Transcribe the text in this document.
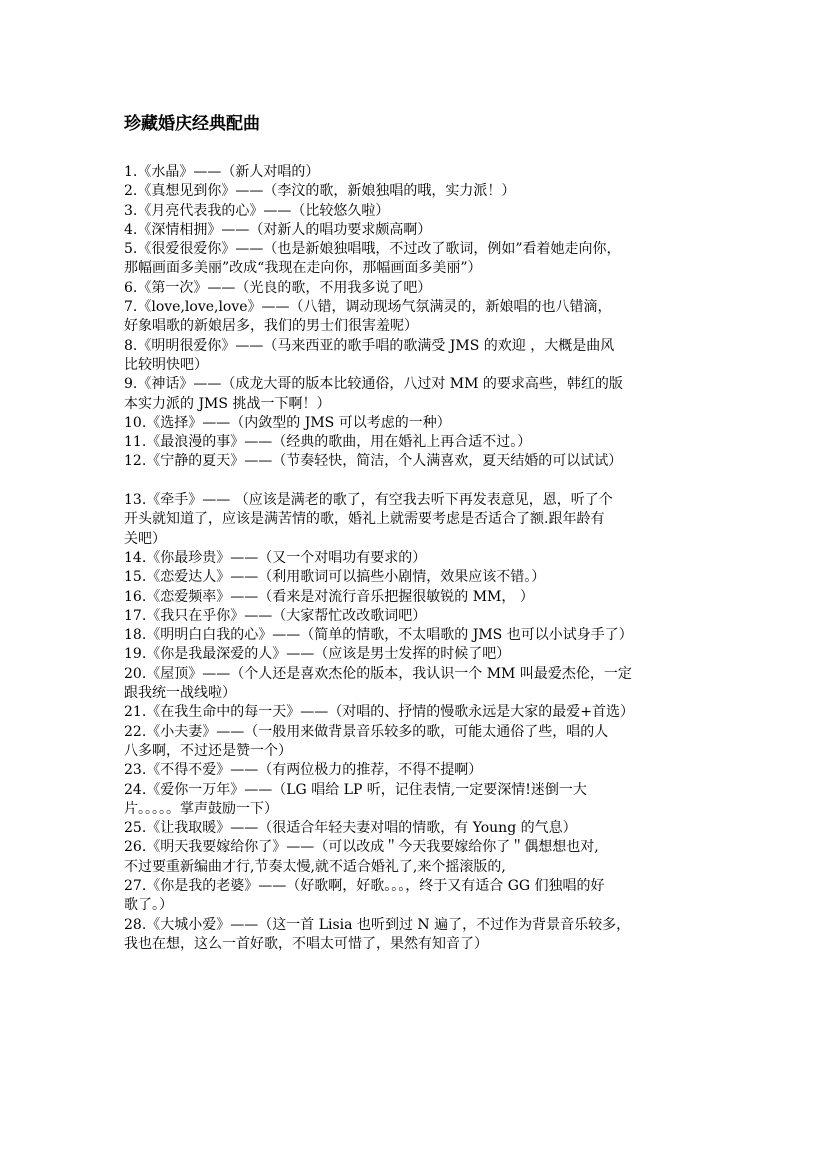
珍藏婚庆经典配曲
1.《水晶》——（新人对唱的）
2.《真想见到你》——（李汶的歌，新娘独唱的哦，实力派！）
3.《月亮代表我的心》——（比较悠久啦）
4.《深情相拥》——（对新人的唱功要求颇高啊）
5.《很爱很爱你》——（也是新娘独唱哦，不过改了歌词，例如”看着她走向你，
那幅画面多美丽”改成“我现在走向你，那幅画面多美丽”）
6.《第一次》——（光良的歌，不用我多说了吧）
7.《love,love,love》——（八错，调动现场气氛满灵的，新娘唱的也八错滴，
好象唱歌的新娘居多，我们的男士们很害羞呢）
8.《明明很爱你》——（马来西亚的歌手唱的歌满受 JMS 的欢迎 ，大概是曲风
比较明快吧）
9.《神话》——（成龙大哥的版本比较通俗，八过对 MM 的要求高些，韩红的版
本实力派的 JMS 挑战一下啊！）
10.《选择》——（内敛型的 JMS 可以考虑的一种）
11.《最浪漫的事》——（经典的歌曲，用在婚礼上再合适不过。）
12.《宁静的夏天》——（节奏轻快，简洁，个人满喜欢，夏天结婚的可以试试）
13.《牵手》—— （应该是满老的歌了，有空我去听下再发表意见，恩，听了个
开头就知道了，应该是满苦情的歌，婚礼上就需要考虑是否适合了额.跟年龄有
关吧）
14.《你最珍贵》——（又一个对唱功有要求的）
15.《恋爱达人》——（利用歌词可以搞些小剧情，效果应该不错。）
16.《恋爱频率》——（看来是对流行音乐把握很敏锐的 MM， ）
17.《我只在乎你》——（大家帮忙改改歌词吧）
18.《明明白白我的心》——（简单的情歌，不太唱歌的 JMS 也可以小试身手了）
19.《你是我最深爱的人》——（应该是男士发挥的时候了吧）
20.《屋顶》——（个人还是喜欢杰伦的版本，我认识一个 MM 叫最爱杰伦，一定
跟我统一战线啦）
21.《在我生命中的每一天》——（对唱的、抒情的慢歌永远是大家的最爱+首选）
22.《小夫妻》——（一般用来做背景音乐较多的歌，可能太通俗了些，唱的人
八多啊，不过还是赞一个）
23.《不得不爱》——（有两位极力的推荐，不得不提啊）
24.《爱你一万年》——（LG 唱给 LP 听，记住表情,一定要深情!迷倒一大
片。。。。。掌声鼓励一下）
25.《让我取暖》——（很适合年轻夫妻对唱的情歌，有 Young 的气息）
26.《明天我要嫁给你了》——（可以改成＂今天我要嫁给你了＂偶想想也对,
不过要重新编曲才行,节奏太慢,就不适合婚礼了,来个摇滚版的,
27.《你是我的老婆》——（好歌啊，好歌。。。，终于又有适合 GG 们独唱的好
歌了。）
28.《大城小爱》——（这一首 Lisia 也听到过 N 遍了，不过作为背景音乐较多，
我也在想，这么一首好歌，不唱太可惜了，果然有知音了）
